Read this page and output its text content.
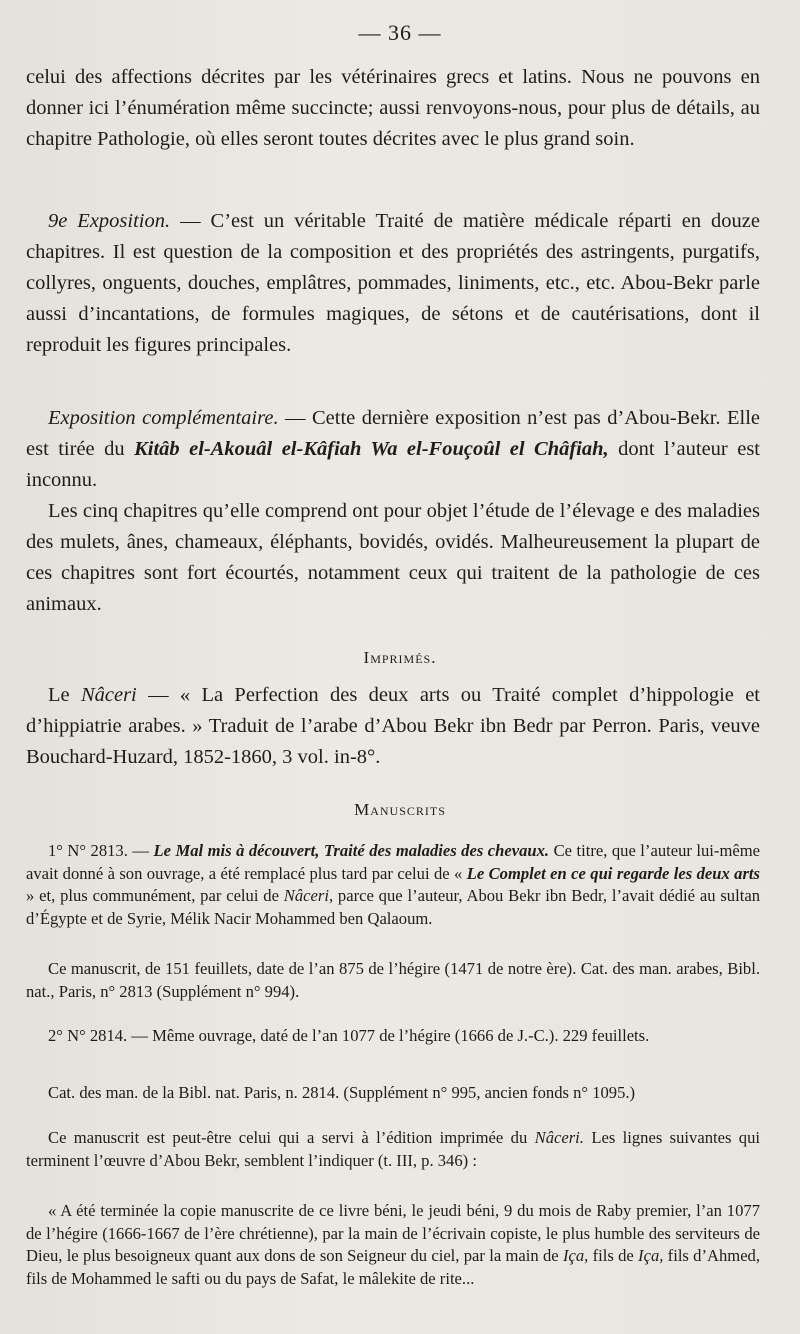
— 36 —
celui des affections décrites par les vétérinaires grecs et latins. Nous ne pouvons en donner ici l’énumération même succincte; aussi renvoyons-nous, pour plus de détails, au chapitre Pathologie, où elles seront toutes décrites avec le plus grand soin.
9e Exposition. — C’est un véritable Traité de matière médicale réparti en douze chapitres. Il est question de la composition et des propriétés des astringents, purgatifs, collyres, onguents, douches, emplâtres, pommades, liniments, etc., etc. Abou-Bekr parle aussi d’incantations, de formules magiques, de sétons et de cautérisations, dont il reproduit les figures principales.
Exposition complémentaire. — Cette dernière exposition n’est pas d’Abou-Bekr. Elle est tirée du Kitâb el-Akouâl el-Kâfiah Wa el-Fouçoûl el Châfiah, dont l’auteur est inconnu.
Les cinq chapitres qu’elle comprend ont pour objet l’étude de l’élevage e des maladies des mulets, ânes, chameaux, éléphants, bovidés, ovidés. Malheureusement la plupart de ces chapitres sont fort écourtés, notamment ceux qui traitent de la pathologie de ces animaux.
Imprimés.
Le Nâceri — « La Perfection des deux arts ou Traité complet d’hippologie et d’hippiatrie arabes. » Traduit de l’arabe d’Abou Bekr ibn Bedr par Perron. Paris, veuve Bouchard-Huzard, 1852-1860, 3 vol. in-8°.
Manuscrits
1° N° 2813. — Le Mal mis à découvert, Traité des maladies des chevaux. Ce titre, que l’auteur lui-même avait donné à son ouvrage, a été remplacé plus tard par celui de « Le Complet en ce qui regarde les deux arts » et, plus communément, par celui de Nâceri, parce que l’auteur, Abou Bekr ibn Bedr, l’avait dédié au sultan d’Égypte et de Syrie, Mélik Nacir Mohammed ben Qalaoum.
Ce manuscrit, de 151 feuillets, date de l’an 875 de l’hégire (1471 de notre ère). Cat. des man. arabes, Bibl. nat., Paris, n° 2813 (Supplément n° 994).
2° N° 2814. — Même ouvrage, daté de l’an 1077 de l’hégire (1666 de J.-C.). 229 feuillets.
Cat. des man. de la Bibl. nat. Paris, n. 2814. (Supplément n° 995, ancien fonds n° 1095.)
Ce manuscrit est peut-être celui qui a servi à l’édition imprimée du Nâceri. Les lignes suivantes qui terminent l’œuvre d’Abou Bekr, semblent l’indiquer (t. III, p. 346) :
« A été terminée la copie manuscrite de ce livre béni, le jeudi béni, 9 du mois de Raby premier, l’an 1077 de l’hégire (1666-1667 de l’ère chrétienne), par la main de l’écrivain copiste, le plus humble des serviteurs de Dieu, le plus besoigneux quant aux dons de son Seigneur du ciel, par la main de Iça, fils de Iça, fils d’Ahmed, fils de Mohammed le safti ou du pays de Safat, le mâlekite de rite...
